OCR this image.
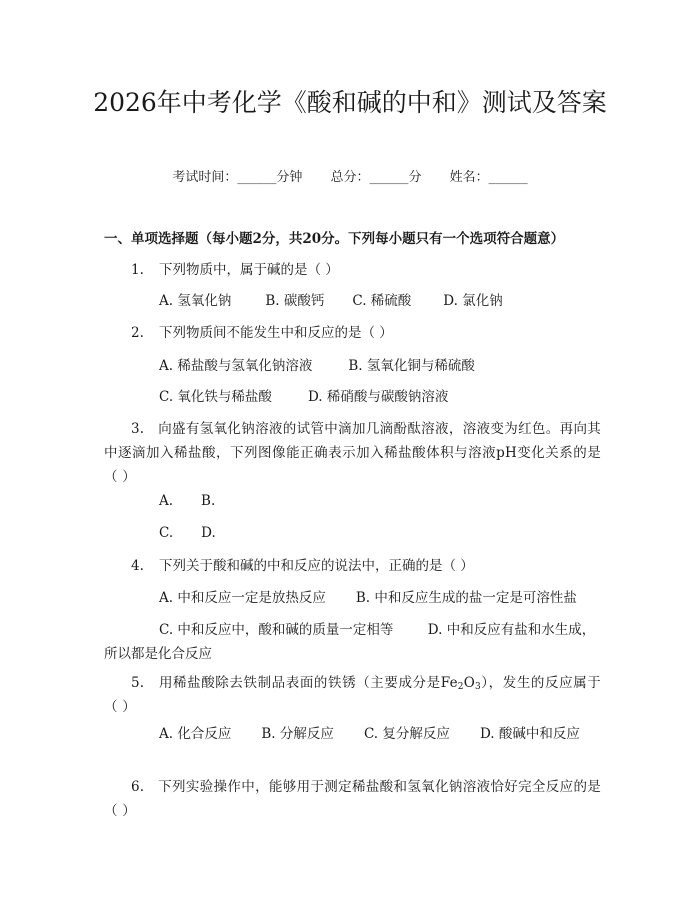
2026年中考化学《酸和碱的中和》测试及答案
考试时间：______分钟 总分：______分 姓名：______
一、单项选择题（每小题2分，共20分。下列每小题只有一个选项符合题意）
1. 下列物质中，属于碱的是（ ）
A. 氢氧化钠	B. 碳酸钙 C. 稀硫酸 D. 氯化钠
2. 下列物质间不能发生中和反应的是（ ）
A. 稀盐酸与氢氧化钠溶液	B. 氢氧化铜与稀硫酸
C. 氧化铁与稀盐酸	D. 稀硝酸与碳酸钠溶液
3. 向盛有氢氧化钠溶液的试管中滴加几滴酚酞溶液，溶液变为红色。再向其中逐滴加入稀盐酸，下列图像能正确表示加入稀盐酸体积与溶液pH变化关系的是（ ）
A. B.
C. D.
4. 下列关于酸和碱的中和反应的说法中，正确的是（ ）
A. 中和反应一定是放热反应 B. 中和反应生成的盐一定是可溶性盐
C. 中和反应中，酸和碱的质量一定相等	D. 中和反应有盐和水生成，所以都是化合反应
5. 用稀盐酸除去铁制品表面的铁锈（主要成分是$Fe_2O_3$），发生的反应属于（ ）
A. 化合反应 B. 分解反应 C. 复分解反应 D. 酸碱中和反应
6. 下列实验操作中，能够用于测定稀盐酸和氢氧化钠溶液恰好完全反应的是（ ）
